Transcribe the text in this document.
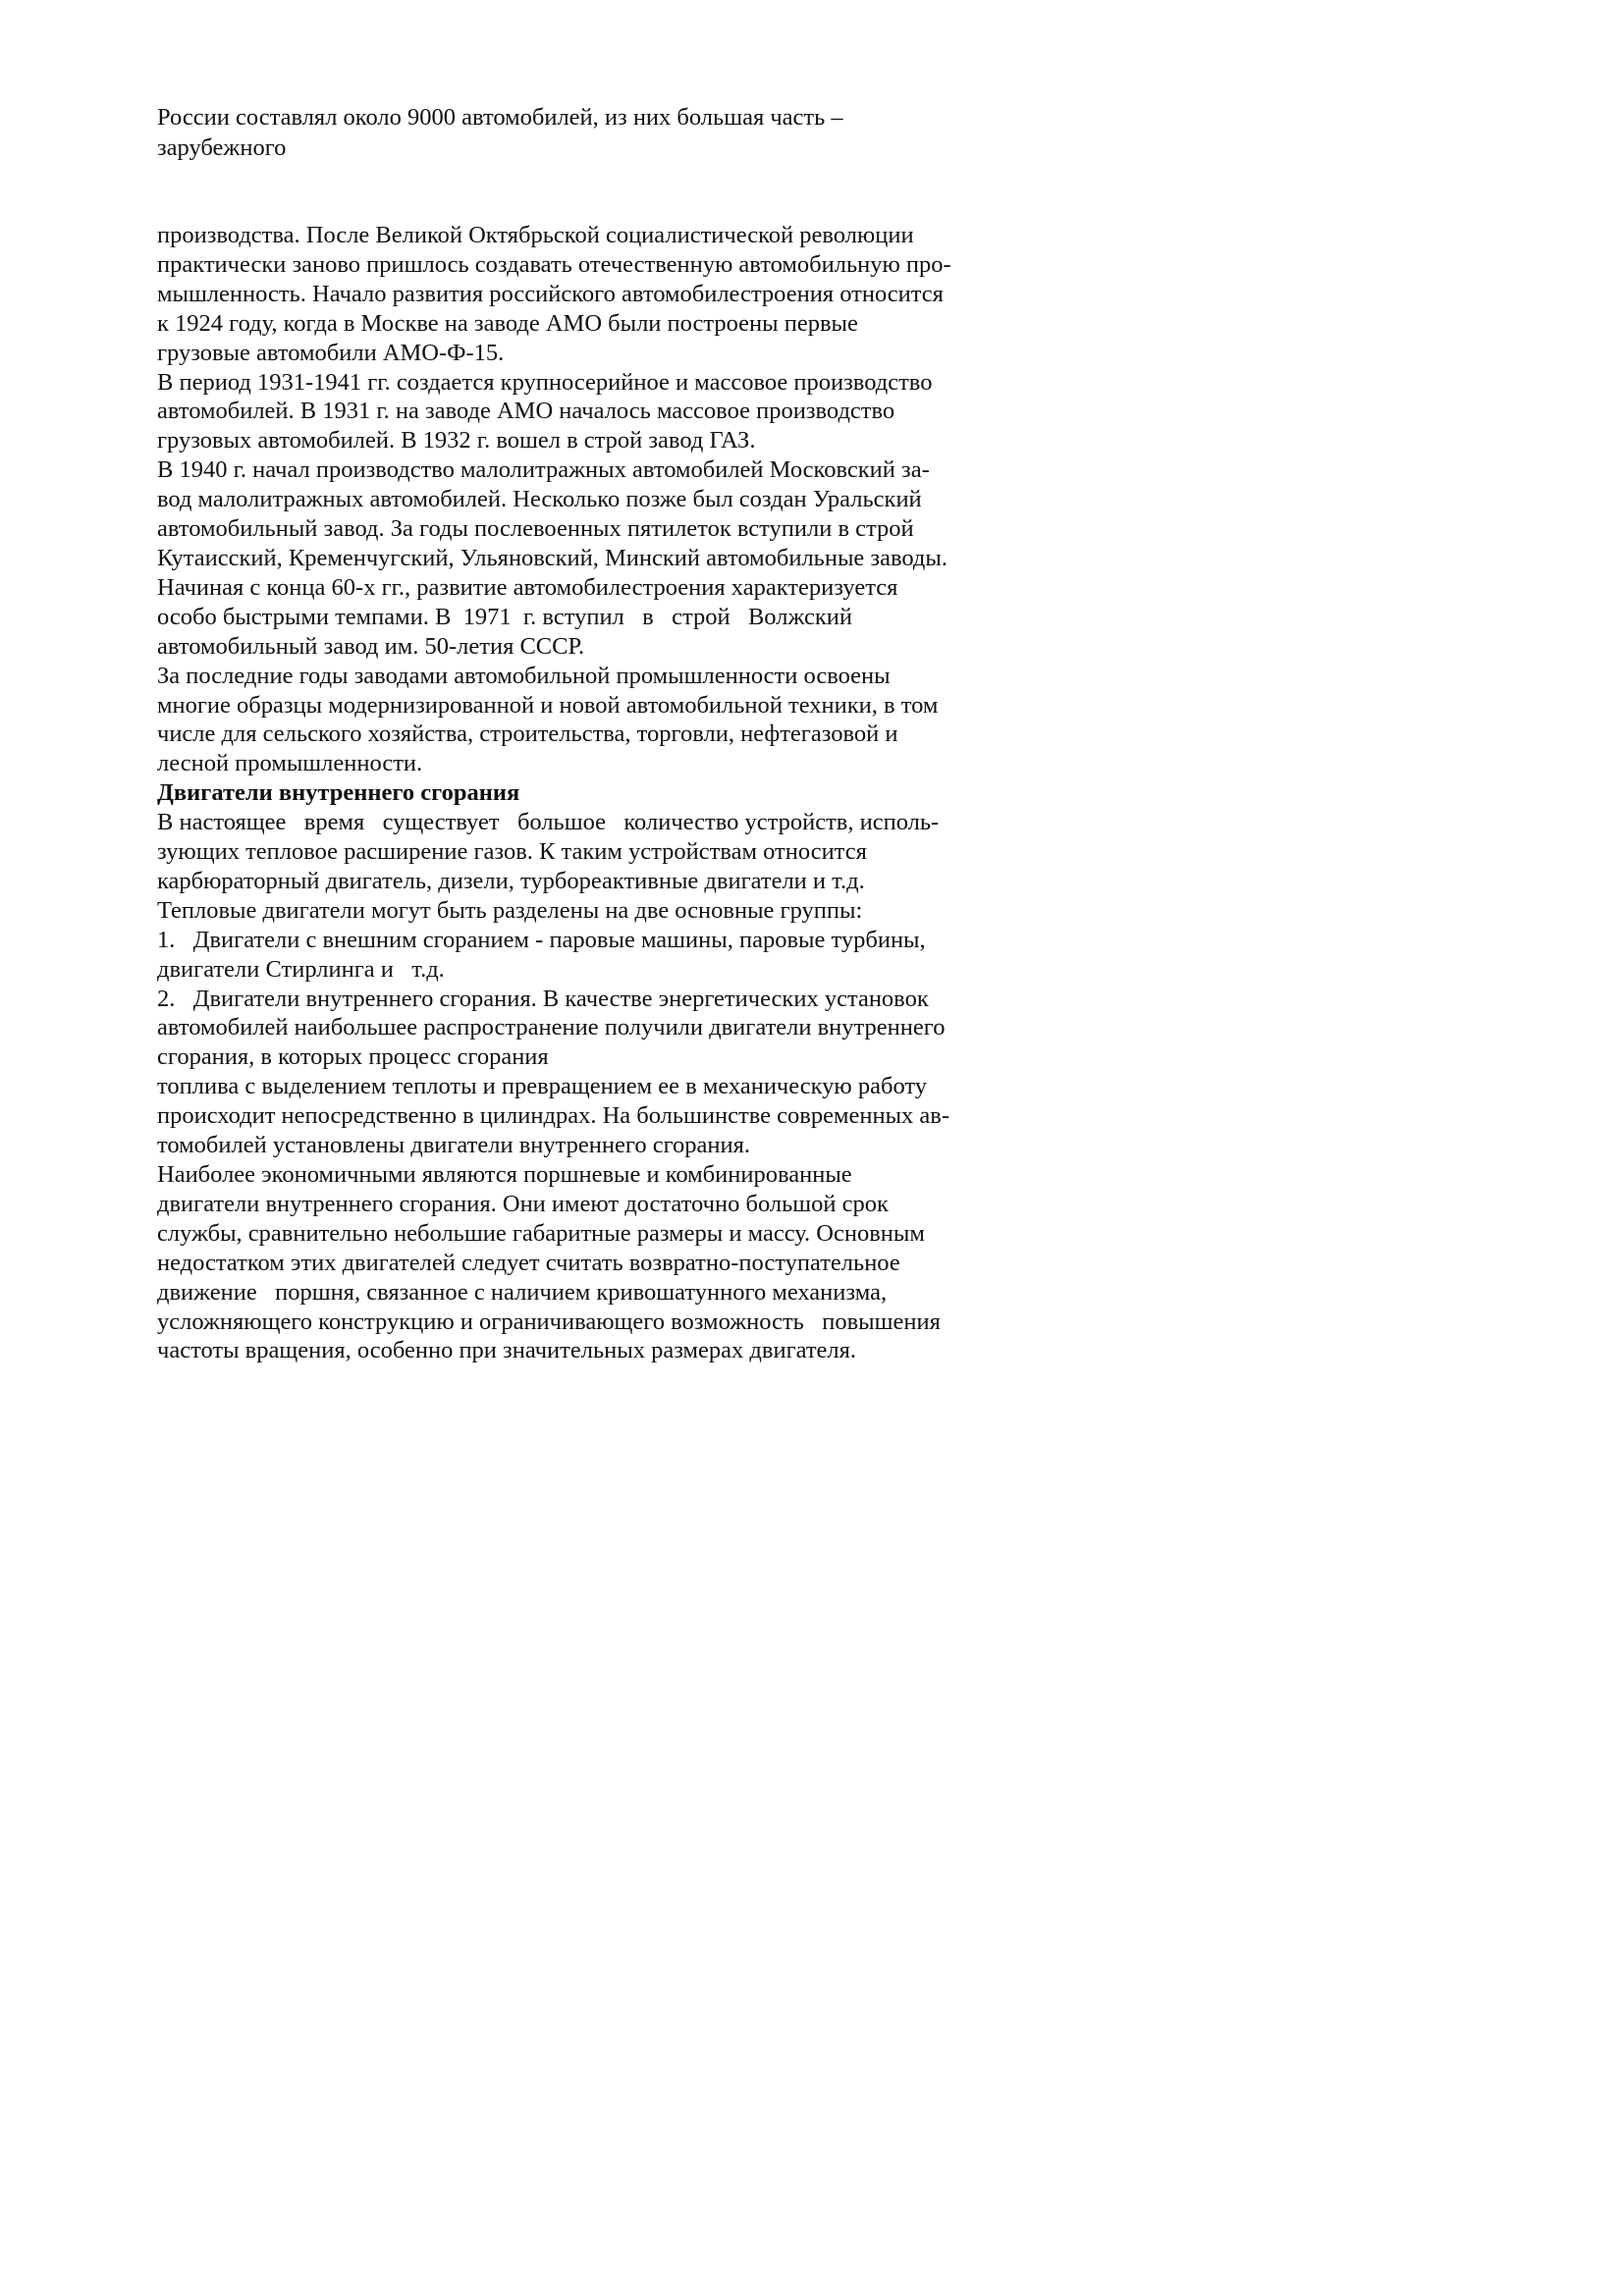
России составлял около 9000 автомобилей, из них большая часть –
зарубежного
производства. После Великой Октябрьской социалистической революции
практически заново пришлось создавать отечественную автомобильную про-
мышленность. Начало развития российского автомобилестроения относится
к 1924 году, когда в Москве на заводе АМО были построены первые
грузовые автомобили АМО-Ф-15.
В период 1931-1941 гг. создается крупносерийное и массовое производство
автомобилей. В 1931 г. на заводе АМО началось массовое производство
грузовых автомобилей. В 1932 г. вошел в строй завод ГАЗ.
В 1940 г. начал производство малолитражных автомобилей Московский за-
вод малолитражных автомобилей. Несколько позже был создан Уральский
автомобильный завод. За годы послевоенных пятилеток вступили в строй
Кутаисский, Кременчугский, Ульяновский, Минский автомобильные заводы.
Начиная с конца 60-х гг., развитие автомобилестроения характеризуется
особо быстрыми темпами. В  1971  г. вступил   в   строй   Волжский
автомобильный завод им. 50-летия СССР.
За последние годы заводами автомобильной промышленности освоены
многие образцы модернизированной и новой автомобильной техники, в том
числе для сельского хозяйства, строительства, торговли, нефтегазовой и
лесной промышленности.
Двигатели внутреннего сгорания
В настоящее   время   существует   большое   количество устройств, исполь-
зующих тепловое расширение газов. К таким устройствам относится
карбюраторный двигатель, дизели, турбореактивные двигатели и т.д.
Тепловые двигатели могут быть разделены на две основные группы:
1.   Двигатели с внешним сгоранием - паровые машины, паровые турбины,
двигатели Стирлинга и   т.д.
2.   Двигатели внутреннего сгорания. В качестве энергетических установок
автомобилей наибольшее распространение получили двигатели внутреннего
сгорания, в которых процесс сгорания
топлива с выделением теплоты и превращением ее в механическую работу
происходит непосредственно в цилиндрах. На большинстве современных ав-
томобилей установлены двигатели внутреннего сгорания.
Наиболее экономичными являются поршневые и комбинированные
двигатели внутреннего сгорания. Они имеют достаточно большой срок
службы, сравнительно небольшие габаритные размеры и массу. Основным
недостатком этих двигателей следует считать возвратно-поступательное
движение   поршня, связанное с наличием кривошатунного механизма,
усложняющего конструкцию и ограничивающего возможность   повышения
частоты вращения, особенно при значительных размерах двигателя.
